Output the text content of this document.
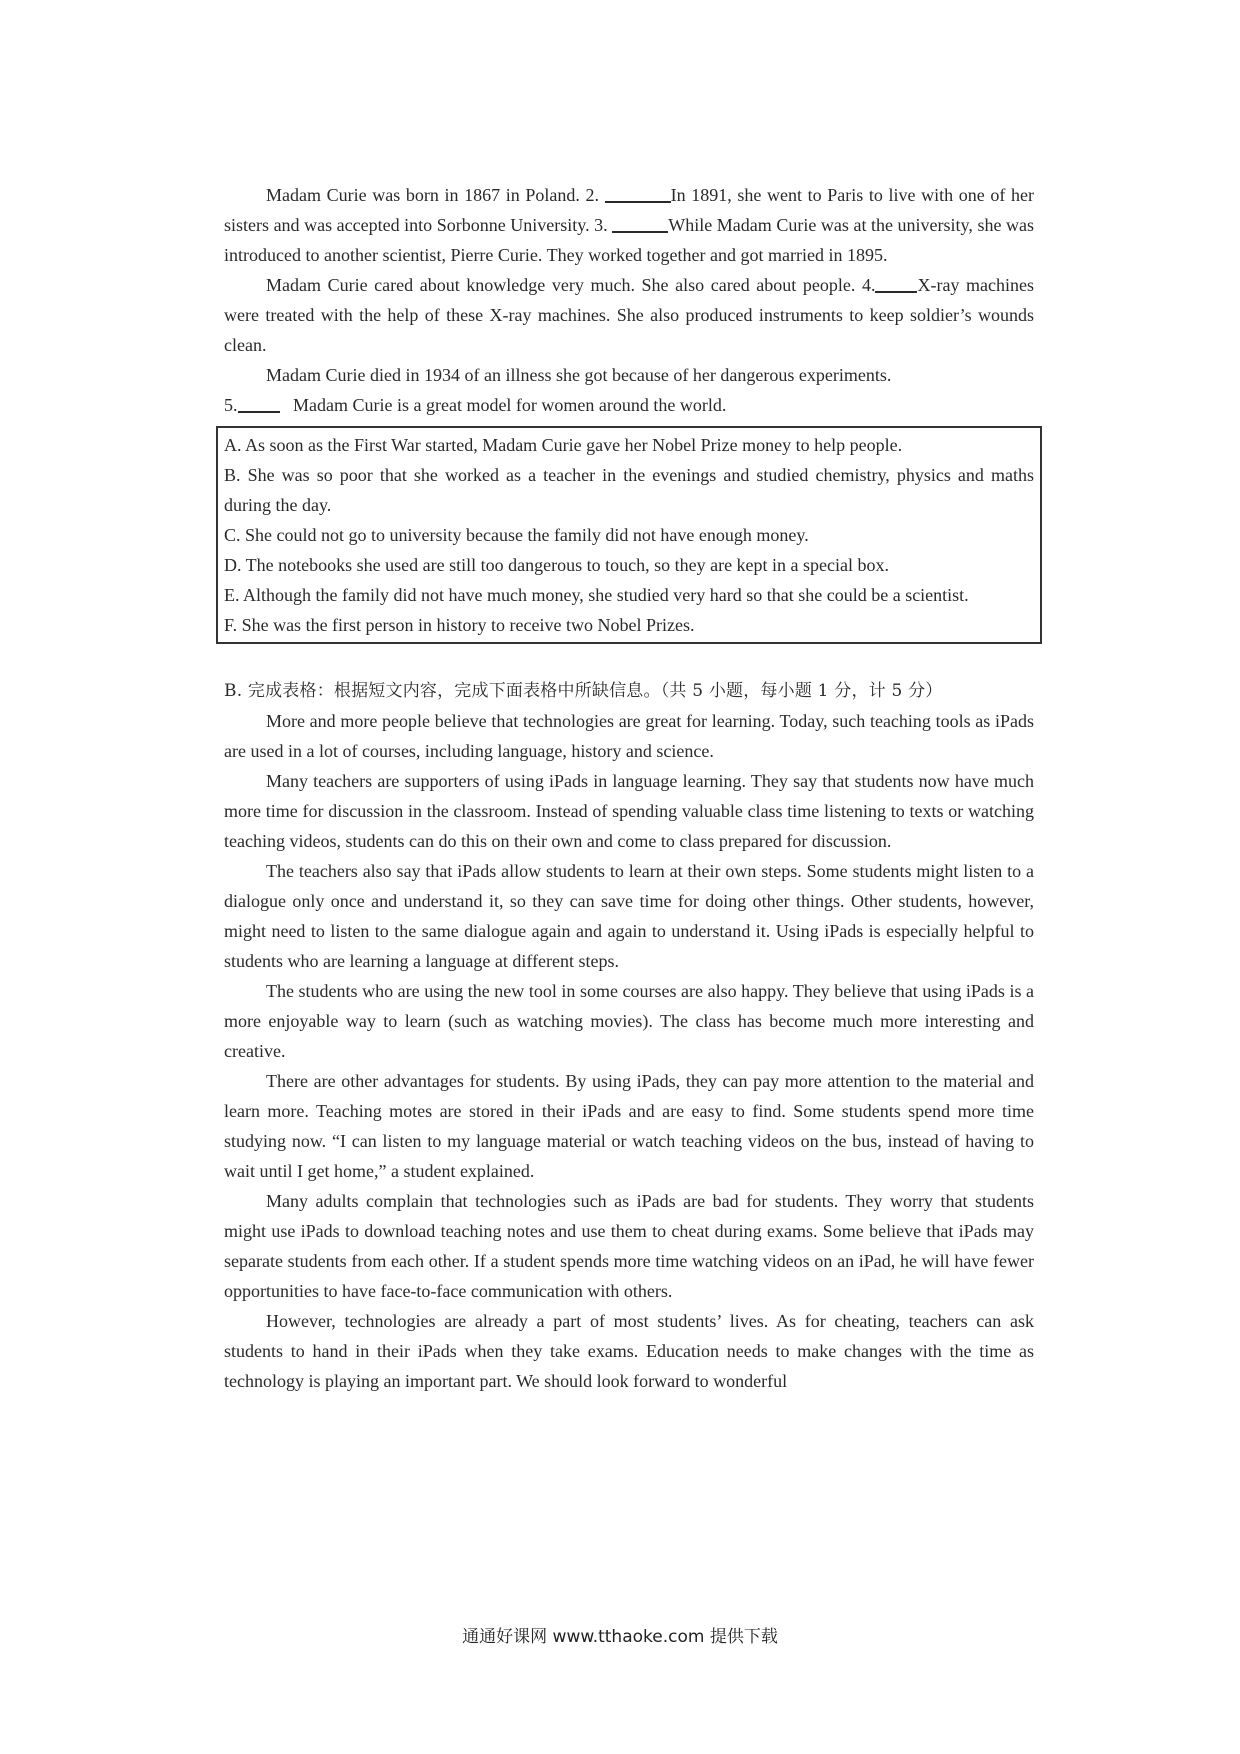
Madam Curie was born in 1867 in Poland. 2.	In 1891, she went to Paris to live with one of her sisters and was accepted into Sorbonne University. 3.	While Madam Curie was at the university, she was introduced to another scientist, Pierre Curie. They worked together and got married in 1895.

Madam Curie cared about knowledge very much. She also cared about people. 4. X-ray machines were treated with the help of these X-ray machines. She also produced instruments to keep soldier’s wounds clean.

Madam Curie died in 1934 of an illness she got because of her dangerous experiments.

5.	Madam Curie is a great model for women around the world.

A. As soon as the First War started, Madam Curie gave her Nobel Prize money to help people.

B. She was so poor that she worked as a teacher in the evenings and studied chemistry, physics and maths during the day.

C. She could not go to university because the family did not have enough money.

D. The notebooks she used are still too dangerous to touch, so they are kept in a special box.

E. Although the family did not have much money, she studied very hard so that she could be a scientist.

F. She was the first person in history to receive two Nobel Prizes.

B. 完成表格：根据短文内容，完成下面表格中所缺信息。（共 5 小题，每小题 1 分，计 5 分）

More and more people believe that technologies are great for learning. Today, such teaching tools as iPads are used in a lot of courses, including language, history and science.

Many teachers are supporters of using iPads in language learning. They say that students now have much more time for discussion in the classroom. Instead of spending valuable class time listening to texts or watching teaching videos, students can do this on their own and come to class prepared for discussion.

The teachers also say that iPads allow students to learn at their own steps. Some students might listen to a dialogue only once and understand it, so they can save time for doing other things. Other students, however, might need to listen to the same dialogue again and again to understand it. Using iPads is especially helpful to students who are learning a language at different steps.

The students who are using the new tool in some courses are also happy. They believe that using iPads is a more enjoyable way to learn (such as watching movies). The class has become much more interesting and creative.

There are other advantages for students. By using iPads, they can pay more attention to the material and learn more. Teaching motes are stored in their iPads and are easy to find. Some students spend more time studying now. “I can listen to my language material or watch teaching videos on the bus, instead of having to wait until I get home,” a student explained.

Many adults complain that technologies such as iPads are bad for students. They worry that students might use iPads to download teaching notes and use them to cheat during exams. Some believe that iPads may separate students from each other. If a student spends more time watching videos on an iPad, he will have fewer opportunities to have face-to-face communication with others.

However, technologies are already a part of most students’ lives. As for cheating, teachers can ask students to hand in their iPads when they take exams. Education needs to make changes with the time as technology is playing an important part. We should look forward to wonderful

通通好课网 www.tthaoke.com 提供下载
